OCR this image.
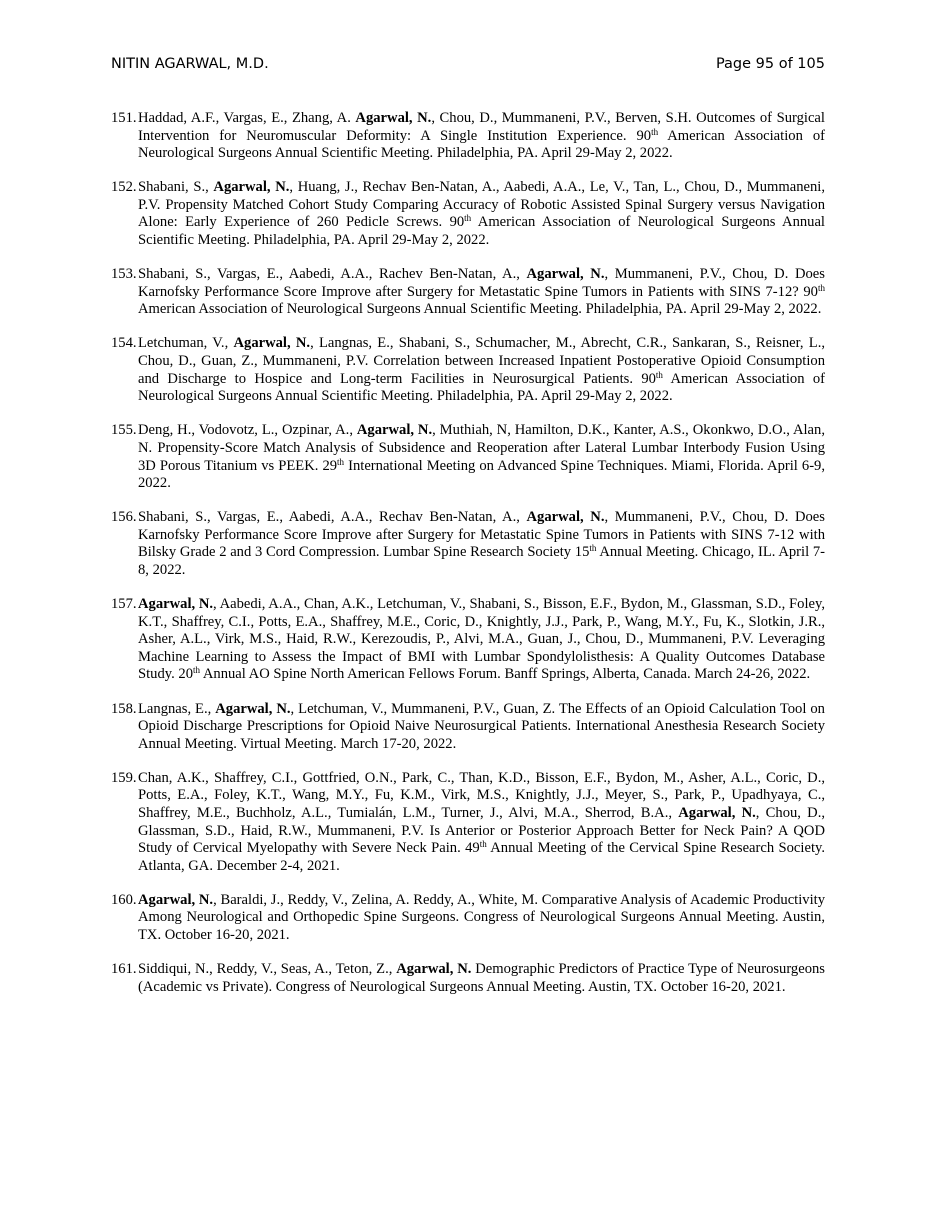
NITIN AGARWAL, M.D.	Page 95 of 105
151. Haddad, A.F., Vargas, E., Zhang, A. Agarwal, N., Chou, D., Mummaneni, P.V., Berven, S.H. Outcomes of Surgical Intervention for Neuromuscular Deformity: A Single Institution Experience. 90th American Association of Neurological Surgeons Annual Scientific Meeting. Philadelphia, PA. April 29-May 2, 2022.
152. Shabani, S., Agarwal, N., Huang, J., Rechav Ben-Natan, A., Aabedi, A.A., Le, V., Tan, L., Chou, D., Mummaneni, P.V. Propensity Matched Cohort Study Comparing Accuracy of Robotic Assisted Spinal Surgery versus Navigation Alone: Early Experience of 260 Pedicle Screws. 90th American Association of Neurological Surgeons Annual Scientific Meeting. Philadelphia, PA. April 29-May 2, 2022.
153. Shabani, S., Vargas, E., Aabedi, A.A., Rachev Ben-Natan, A., Agarwal, N., Mummaneni, P.V., Chou, D. Does Karnofsky Performance Score Improve after Surgery for Metastatic Spine Tumors in Patients with SINS 7-12? 90th American Association of Neurological Surgeons Annual Scientific Meeting. Philadelphia, PA. April 29-May 2, 2022.
154. Letchuman, V., Agarwal, N., Langnas, E., Shabani, S., Schumacher, M., Abrecht, C.R., Sankaran, S., Reisner, L., Chou, D., Guan, Z., Mummaneni, P.V. Correlation between Increased Inpatient Postoperative Opioid Consumption and Discharge to Hospice and Long-term Facilities in Neurosurgical Patients. 90th American Association of Neurological Surgeons Annual Scientific Meeting. Philadelphia, PA. April 29-May 2, 2022.
155. Deng, H., Vodovotz, L., Ozpinar, A., Agarwal, N., Muthiah, N, Hamilton, D.K., Kanter, A.S., Okonkwo, D.O., Alan, N. Propensity-Score Match Analysis of Subsidence and Reoperation after Lateral Lumbar Interbody Fusion Using 3D Porous Titanium vs PEEK. 29th International Meeting on Advanced Spine Techniques. Miami, Florida. April 6-9, 2022.
156. Shabani, S., Vargas, E., Aabedi, A.A., Rechav Ben-Natan, A., Agarwal, N., Mummaneni, P.V., Chou, D. Does Karnofsky Performance Score Improve after Surgery for Metastatic Spine Tumors in Patients with SINS 7-12 with Bilsky Grade 2 and 3 Cord Compression. Lumbar Spine Research Society 15th Annual Meeting. Chicago, IL. April 7-8, 2022.
157. Agarwal, N., Aabedi, A.A., Chan, A.K., Letchuman, V., Shabani, S., Bisson, E.F., Bydon, M., Glassman, S.D., Foley, K.T., Shaffrey, C.I., Potts, E.A., Shaffrey, M.E., Coric, D., Knightly, J.J., Park, P., Wang, M.Y., Fu, K., Slotkin, J.R., Asher, A.L., Virk, M.S., Haid, R.W., Kerezoudis, P., Alvi, M.A., Guan, J., Chou, D., Mummaneni, P.V. Leveraging Machine Learning to Assess the Impact of BMI with Lumbar Spondylolisthesis: A Quality Outcomes Database Study. 20th Annual AO Spine North American Fellows Forum. Banff Springs, Alberta, Canada. March 24-26, 2022.
158. Langnas, E., Agarwal, N., Letchuman, V., Mummaneni, P.V., Guan, Z. The Effects of an Opioid Calculation Tool on Opioid Discharge Prescriptions for Opioid Naive Neurosurgical Patients. International Anesthesia Research Society Annual Meeting. Virtual Meeting. March 17-20, 2022.
159. Chan, A.K., Shaffrey, C.I., Gottfried, O.N., Park, C., Than, K.D., Bisson, E.F., Bydon, M., Asher, A.L., Coric, D., Potts, E.A., Foley, K.T., Wang, M.Y., Fu, K.M., Virk, M.S., Knightly, J.J., Meyer, S., Park, P., Upadhyaya, C., Shaffrey, M.E., Buchholz, A.L., Tumialán, L.M., Turner, J., Alvi, M.A., Sherrod, B.A., Agarwal, N., Chou, D., Glassman, S.D., Haid, R.W., Mummaneni, P.V. Is Anterior or Posterior Approach Better for Neck Pain? A QOD Study of Cervical Myelopathy with Severe Neck Pain. 49th Annual Meeting of the Cervical Spine Research Society. Atlanta, GA. December 2-4, 2021.
160. Agarwal, N., Baraldi, J., Reddy, V., Zelina, A. Reddy, A., White, M. Comparative Analysis of Academic Productivity Among Neurological and Orthopedic Spine Surgeons. Congress of Neurological Surgeons Annual Meeting. Austin, TX. October 16-20, 2021.
161. Siddiqui, N., Reddy, V., Seas, A., Teton, Z., Agarwal, N. Demographic Predictors of Practice Type of Neurosurgeons (Academic vs Private). Congress of Neurological Surgeons Annual Meeting. Austin, TX. October 16-20, 2021.
